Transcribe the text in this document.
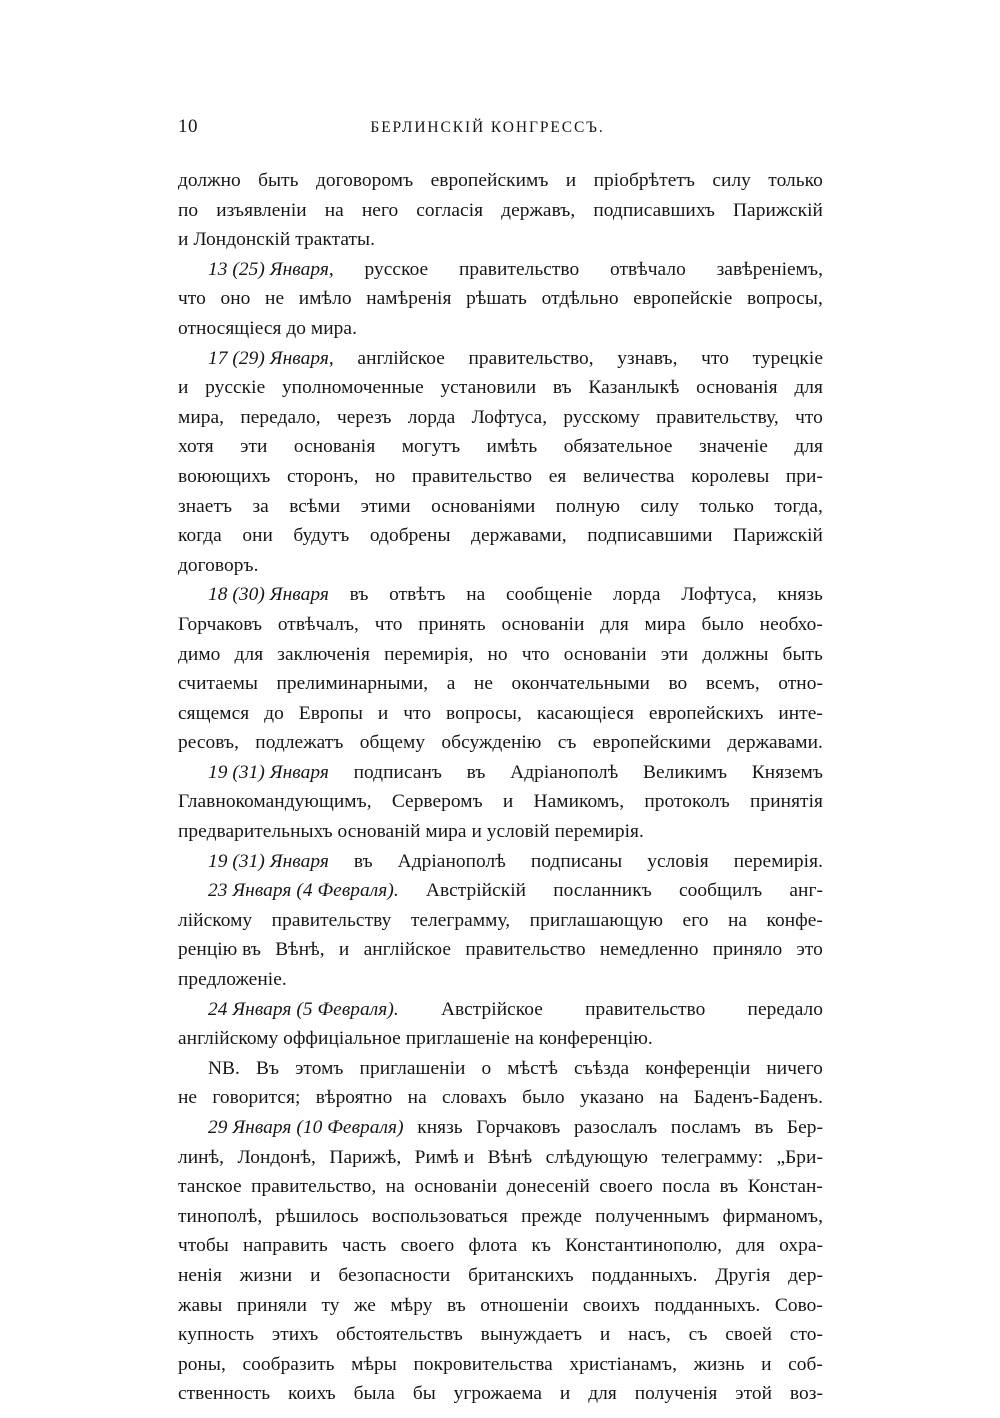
10	БЕРЛИНСКІЙ КОНГРЕССЪ.

должно быть договоромъ европейскимъ и пріобрѣтетъ силу только
по изъявленіи на него согласія державъ, подписавшихъ Парижскій
и Лондонскій трактаты.

13 (25) Января, русское правительство отвѣчало завѣреніемъ,
что оно не имѣло намѣренія рѣшать отдѣльно европейскіе вопросы,
относящіеся до мира.

17 (29) Января, англійское правительство, узнавъ, что турецкіе
и русскіе уполномоченные установили въ Казанлыкѣ основанія для
мира, передало, черезъ лорда Лофтуса, русскому правительству, что
хотя эти основанія могутъ имѣть обязательное значеніе для
воюющихъ сторонъ, но правительство ея величества королевы при-
знаетъ за всѣми этими основаніями полную силу только тогда,
когда они будутъ одобрены державами, подписавшими Парижскій
договоръ.

18 (30) Января въ отвѣтъ на сообщеніе лорда Лофтуса, князь
Горчаковъ отвѣчалъ, что принять основаніи для мира было необхо-
димо для заключенія перемирія, но что основаніи эти должны быть
считаемы прелиминарными, а не окончательными во всемъ, отно-
сящемся до Европы и что вопросы, касающіеся европейскихъ инте-
ресовъ, подлежатъ общему обсужденію съ европейскими державами.

19 (31) Января подписанъ въ Адріанополѣ Великимъ Княземъ
Главнокомандующимъ, Серверомъ и Намикомъ, протоколъ принятія
предварительныхъ основаній мира и условій перемирія.

19 (31) Января въ Адріанополѣ подписаны условія перемирія.

23 Января (4 Февраля). Австрійскій посланникъ сообщилъ анг-
лійскому правительству телеграмму, приглашающую его на конфе-
ренцію въ Вѣнѣ, и англійское правительство немедленно приняло это
предложеніе.

24 Января (5 Февраля). Австрійское правительство передало
англійскому оффиціальное приглашеніе на конференцію.

NB. Въ этомъ приглашеніи о мѣстѣ съѣзда конференціи ничего
не говорится; вѣроятно на словахъ было указано на Баденъ-Баденъ.

29 Января (10 Февраля) князь Горчаковъ разослалъ посламъ въ Бер-
линѣ, Лондонѣ, Парижѣ, Римѣ и Вѣнѣ слѣдующую телеграмму: „Бри-
танское правительство, на основаніи донесеній своего посла въ Констан-
тинополѣ, рѣшилось воспользоваться прежде полученнымъ фирманомъ,
чтобы направить часть своего флота къ Константинополю, для охра-
ненія жизни и безопасности британскихъ подданныхъ. Другія дер-
жавы приняли ту же мѣру въ отношеніи своихъ подданныхъ. Сово-
купность этихъ обстоятельствъ вынуждаетъ и насъ, съ своей сто-
роны, сообразить мѣры покровительства христіанамъ, жизнь и соб-
ственность коихъ была бы угрожаема и для полученія этой воз-
